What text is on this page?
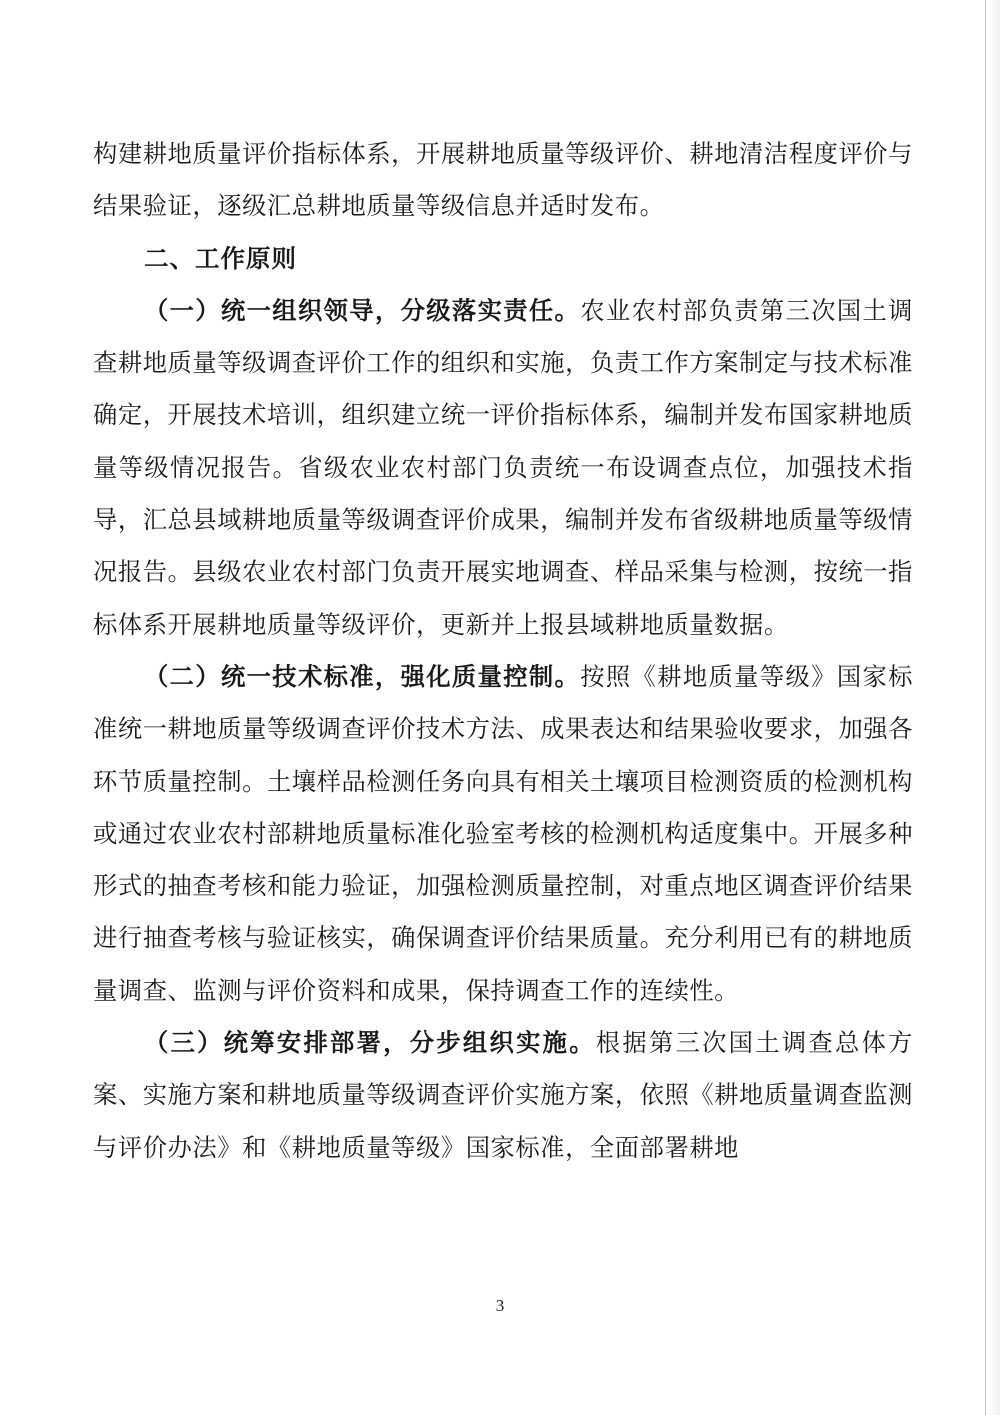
构建耕地质量评价指标体系，开展耕地质量等级评价、耕地清洁程度评价与结果验证，逐级汇总耕地质量等级信息并适时发布。

二、工作原则

（一）统一组织领导，分级落实责任。农业农村部负责第三次国土调查耕地质量等级调查评价工作的组织和实施，负责工作方案制定与技术标准确定，开展技术培训，组织建立统一评价指标体系，编制并发布国家耕地质量等级情况报告。省级农业农村部门负责统一布设调查点位，加强技术指导，汇总县域耕地质量等级调查评价成果，编制并发布省级耕地质量等级情况报告。县级农业农村部门负责开展实地调查、样品采集与检测，按统一指标体系开展耕地质量等级评价，更新并上报县域耕地质量数据。

（二）统一技术标准，强化质量控制。按照《耕地质量等级》国家标准统一耕地质量等级调查评价技术方法、成果表达和结果验收要求，加强各环节质量控制。土壤样品检测任务向具有相关土壤项目检测资质的检测机构或通过农业农村部耕地质量标准化验室考核的检测机构适度集中。开展多种形式的抽查考核和能力验证，加强检测质量控制，对重点地区调查评价结果进行抽查考核与验证核实，确保调查评价结果质量。充分利用已有的耕地质量调查、监测与评价资料和成果，保持调查工作的连续性。

（三）统筹安排部署，分步组织实施。根据第三次国土调查总体方案、实施方案和耕地质量等级调查评价实施方案，依照《耕地质量调查监测与评价办法》和《耕地质量等级》国家标准，全面部署耕地

3
